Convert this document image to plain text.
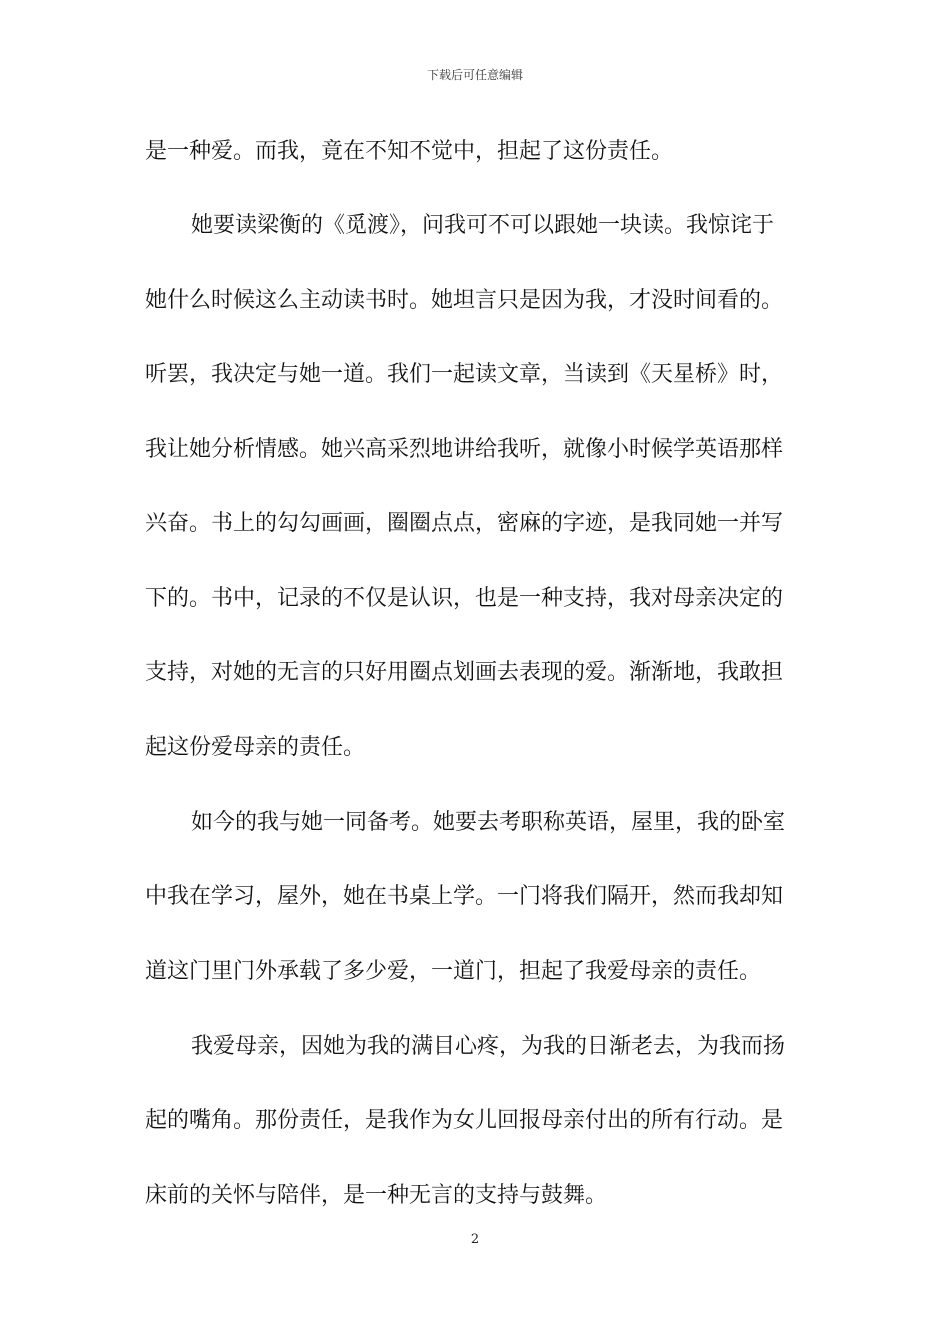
下载后可任意编辑
是一种爱。而我，竟在不知不觉中，担起了这份责任。
她要读梁衡的《觅渡》，问我可不可以跟她一块读。我惊诧于
她什么时候这么主动读书时。她坦言只是因为我，才没时间看的。
听罢，我决定与她一道。我们一起读文章，当读到《天星桥》时，
我让她分析情感。她兴高采烈地讲给我听，就像小时候学英语那样
兴奋。书上的勾勾画画，圈圈点点，密麻的字迹，是我同她一并写
下的。书中，记录的不仅是认识，也是一种支持，我对母亲决定的
支持，对她的无言的只好用圈点划画去表现的爱。渐渐地，我敢担
起这份爱母亲的责任。
如今的我与她一同备考。她要去考职称英语，屋里，我的卧室
中我在学习，屋外，她在书桌上学。一门将我们隔开，然而我却知
道这门里门外承载了多少爱，一道门，担起了我爱母亲的责任。
我爱母亲，因她为我的满目心疼，为我的日渐老去，为我而扬
起的嘴角。那份责任，是我作为女儿回报母亲付出的所有行动。是
床前的关怀与陪伴，是一种无言的支持与鼓舞。
2
